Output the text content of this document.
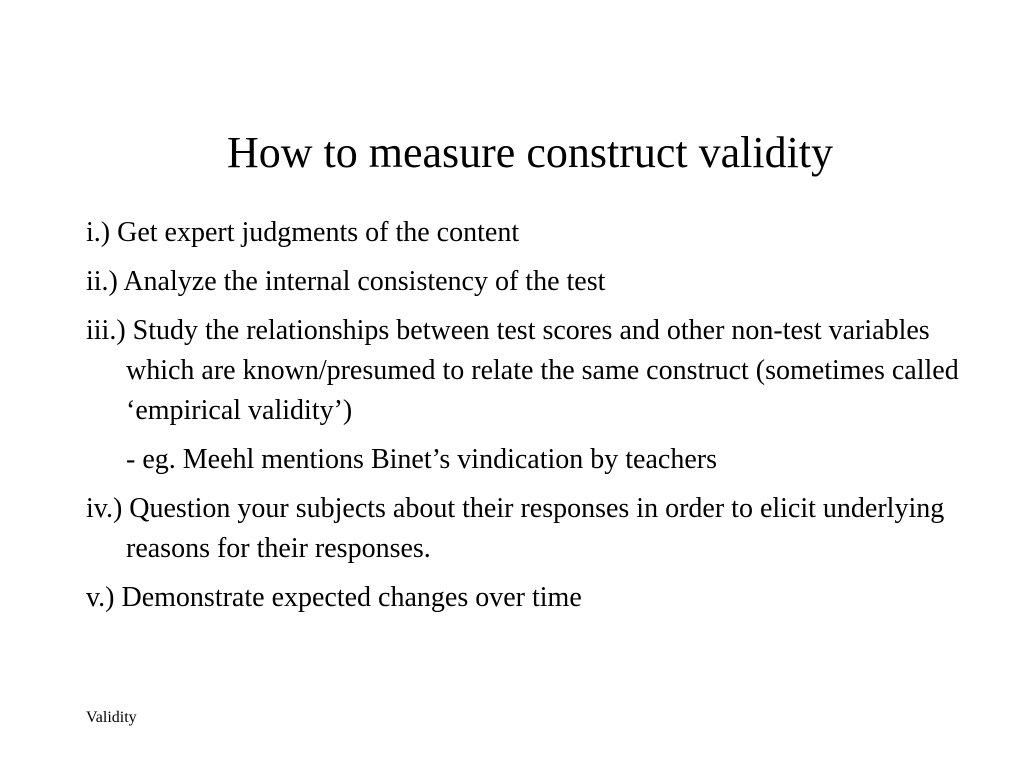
How to measure construct validity
i.) Get expert judgments of the content
ii.) Analyze the internal consistency of the test
iii.) Study the relationships between test scores and other non-test variables which are known/presumed to relate the same construct (sometimes called ‘empirical validity’)
- eg. Meehl mentions Binet’s vindication by teachers
iv.) Question your subjects about their responses in order to elicit underlying reasons for their responses.
v.) Demonstrate expected changes over time
Validity
